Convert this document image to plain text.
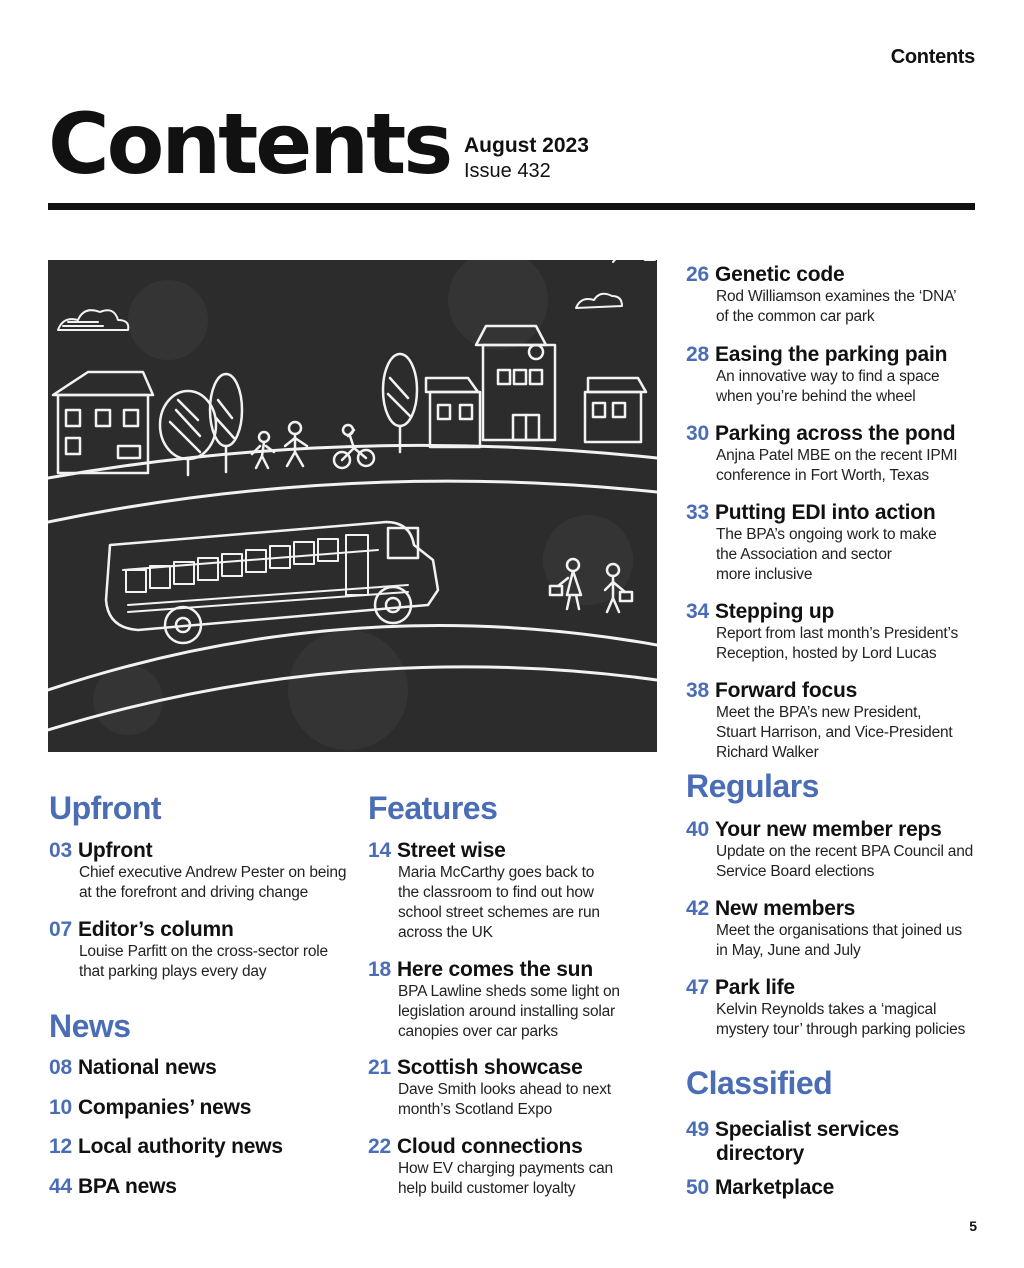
Contents
Contents August 2023
Issue 432
Upfront
03 Upfront
Chief executive Andrew Pester on being
at the forefront and driving change
07 Editor’s column
Louise Parfitt on the cross-sector role
that parking plays every day
News
08 National news
10 Companies’ news
12 Local authority news
44 BPA news
Features
14 Street wise
Maria McCarthy goes back to
the classroom to find out how
school street schemes are run
across the UK
18 Here comes the sun
BPA Lawline sheds some light on
legislation around installing solar
canopies over car parks
21 Scottish showcase
Dave Smith looks ahead to next
month’s Scotland Expo
22 Cloud connections
How EV charging payments can
help build customer loyalty
26 Genetic code
Rod Williamson examines the ‘DNA’
of the common car park
28 Easing the parking pain
An innovative way to find a space
when you’re behind the wheel
30 Parking across the pond
Anjna Patel MBE on the recent IPMI
conference in Fort Worth, Texas
33 Putting EDI into action
The BPA’s ongoing work to make
the Association and sector
more inclusive
34 Stepping up
Report from last month’s President’s
Reception, hosted by Lord Lucas
38 Forward focus
Meet the BPA’s new President,
Stuart Harrison, and Vice-President
Richard Walker
Regulars
40 Your new member reps
Update on the recent BPA Council and
Service Board elections
42 New members
Meet the organisations that joined us
in May, June and July
47 Park life
Kelvin Reynolds takes a ‘magical
mystery tour’ through parking policies
Classified
49 Specialist services
directory
50 Marketplace
5
